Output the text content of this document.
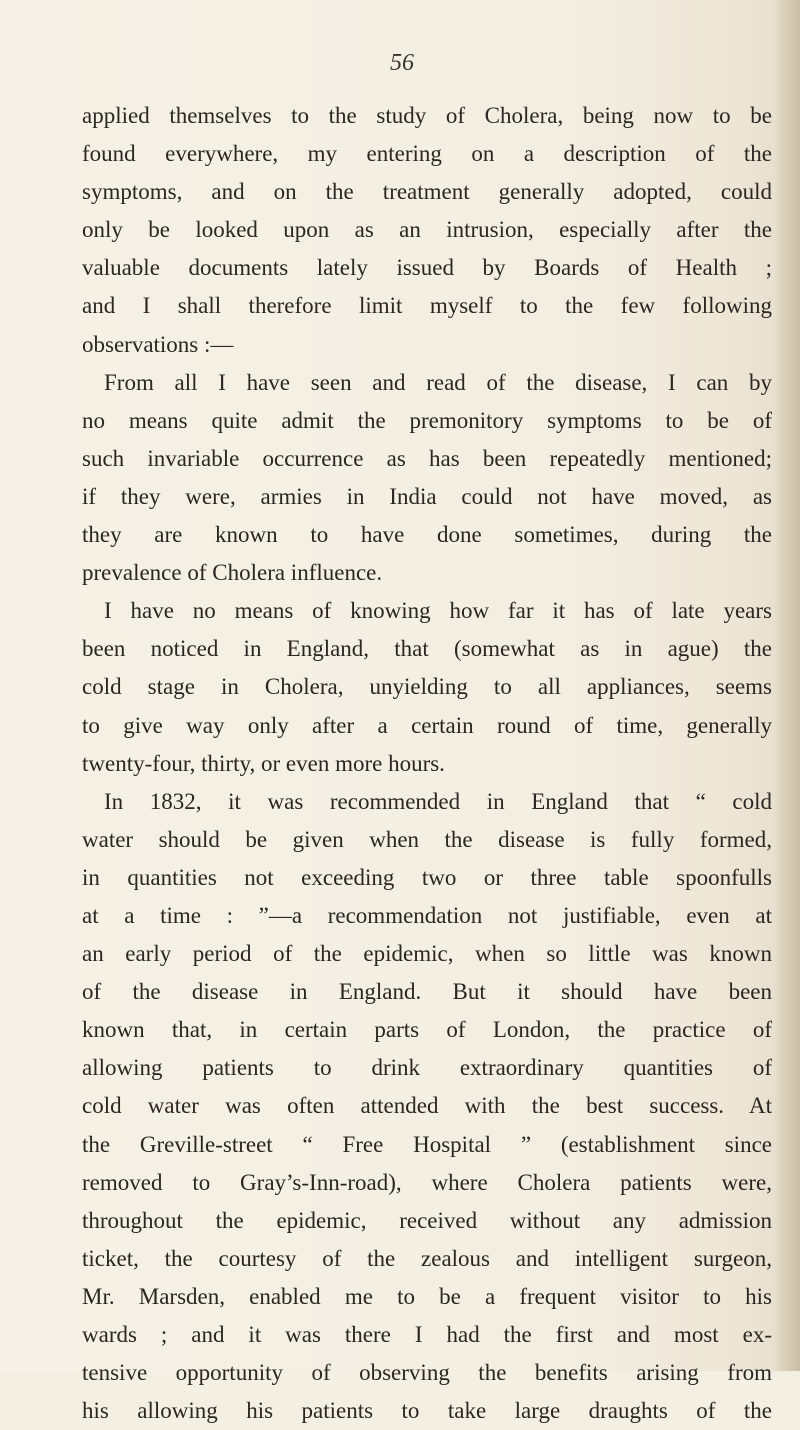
56
applied themselves to the study of Cholera, being now to be
found everywhere, my entering on a description of the
symptoms, and on the treatment generally adopted, could
only be looked upon as an intrusion, especially after the
valuable documents lately issued by Boards of Health ;
and I shall therefore limit myself to the few following
observations :—
From all I have seen and read of the disease, I can by
no means quite admit the premonitory symptoms to be of
such invariable occurrence as has been repeatedly mentioned;
if they were, armies in India could not have moved, as
they are known to have done sometimes, during the
prevalence of Cholera influence.
I have no means of knowing how far it has of late years
been noticed in England, that (somewhat as in ague) the
cold stage in Cholera, unyielding to all appliances, seems
to give way only after a certain round of time, generally
twenty-four, thirty, or even more hours.
In 1832, it was recommended in England that “ cold
water should be given when the disease is fully formed,
in quantities not exceeding two or three table spoonfulls
at a time : ”—a recommendation not justifiable, even at
an early period of the epidemic, when so little was known
of the disease in England. But it should have been
known that, in certain parts of London, the practice of
allowing patients to drink extraordinary quantities of
cold water was often attended with the best success. At
the Greville-street “ Free Hospital ” (establishment since
removed to Gray’s-Inn-road), where Cholera patients were,
throughout the epidemic, received without any admission
ticket, the courtesy of the zealous and intelligent surgeon,
Mr. Marsden, enabled me to be a frequent visitor to his
wards ; and it was there I had the first and most ex-
tensive opportunity of observing the benefits arising from
his allowing his patients to take large draughts of the
